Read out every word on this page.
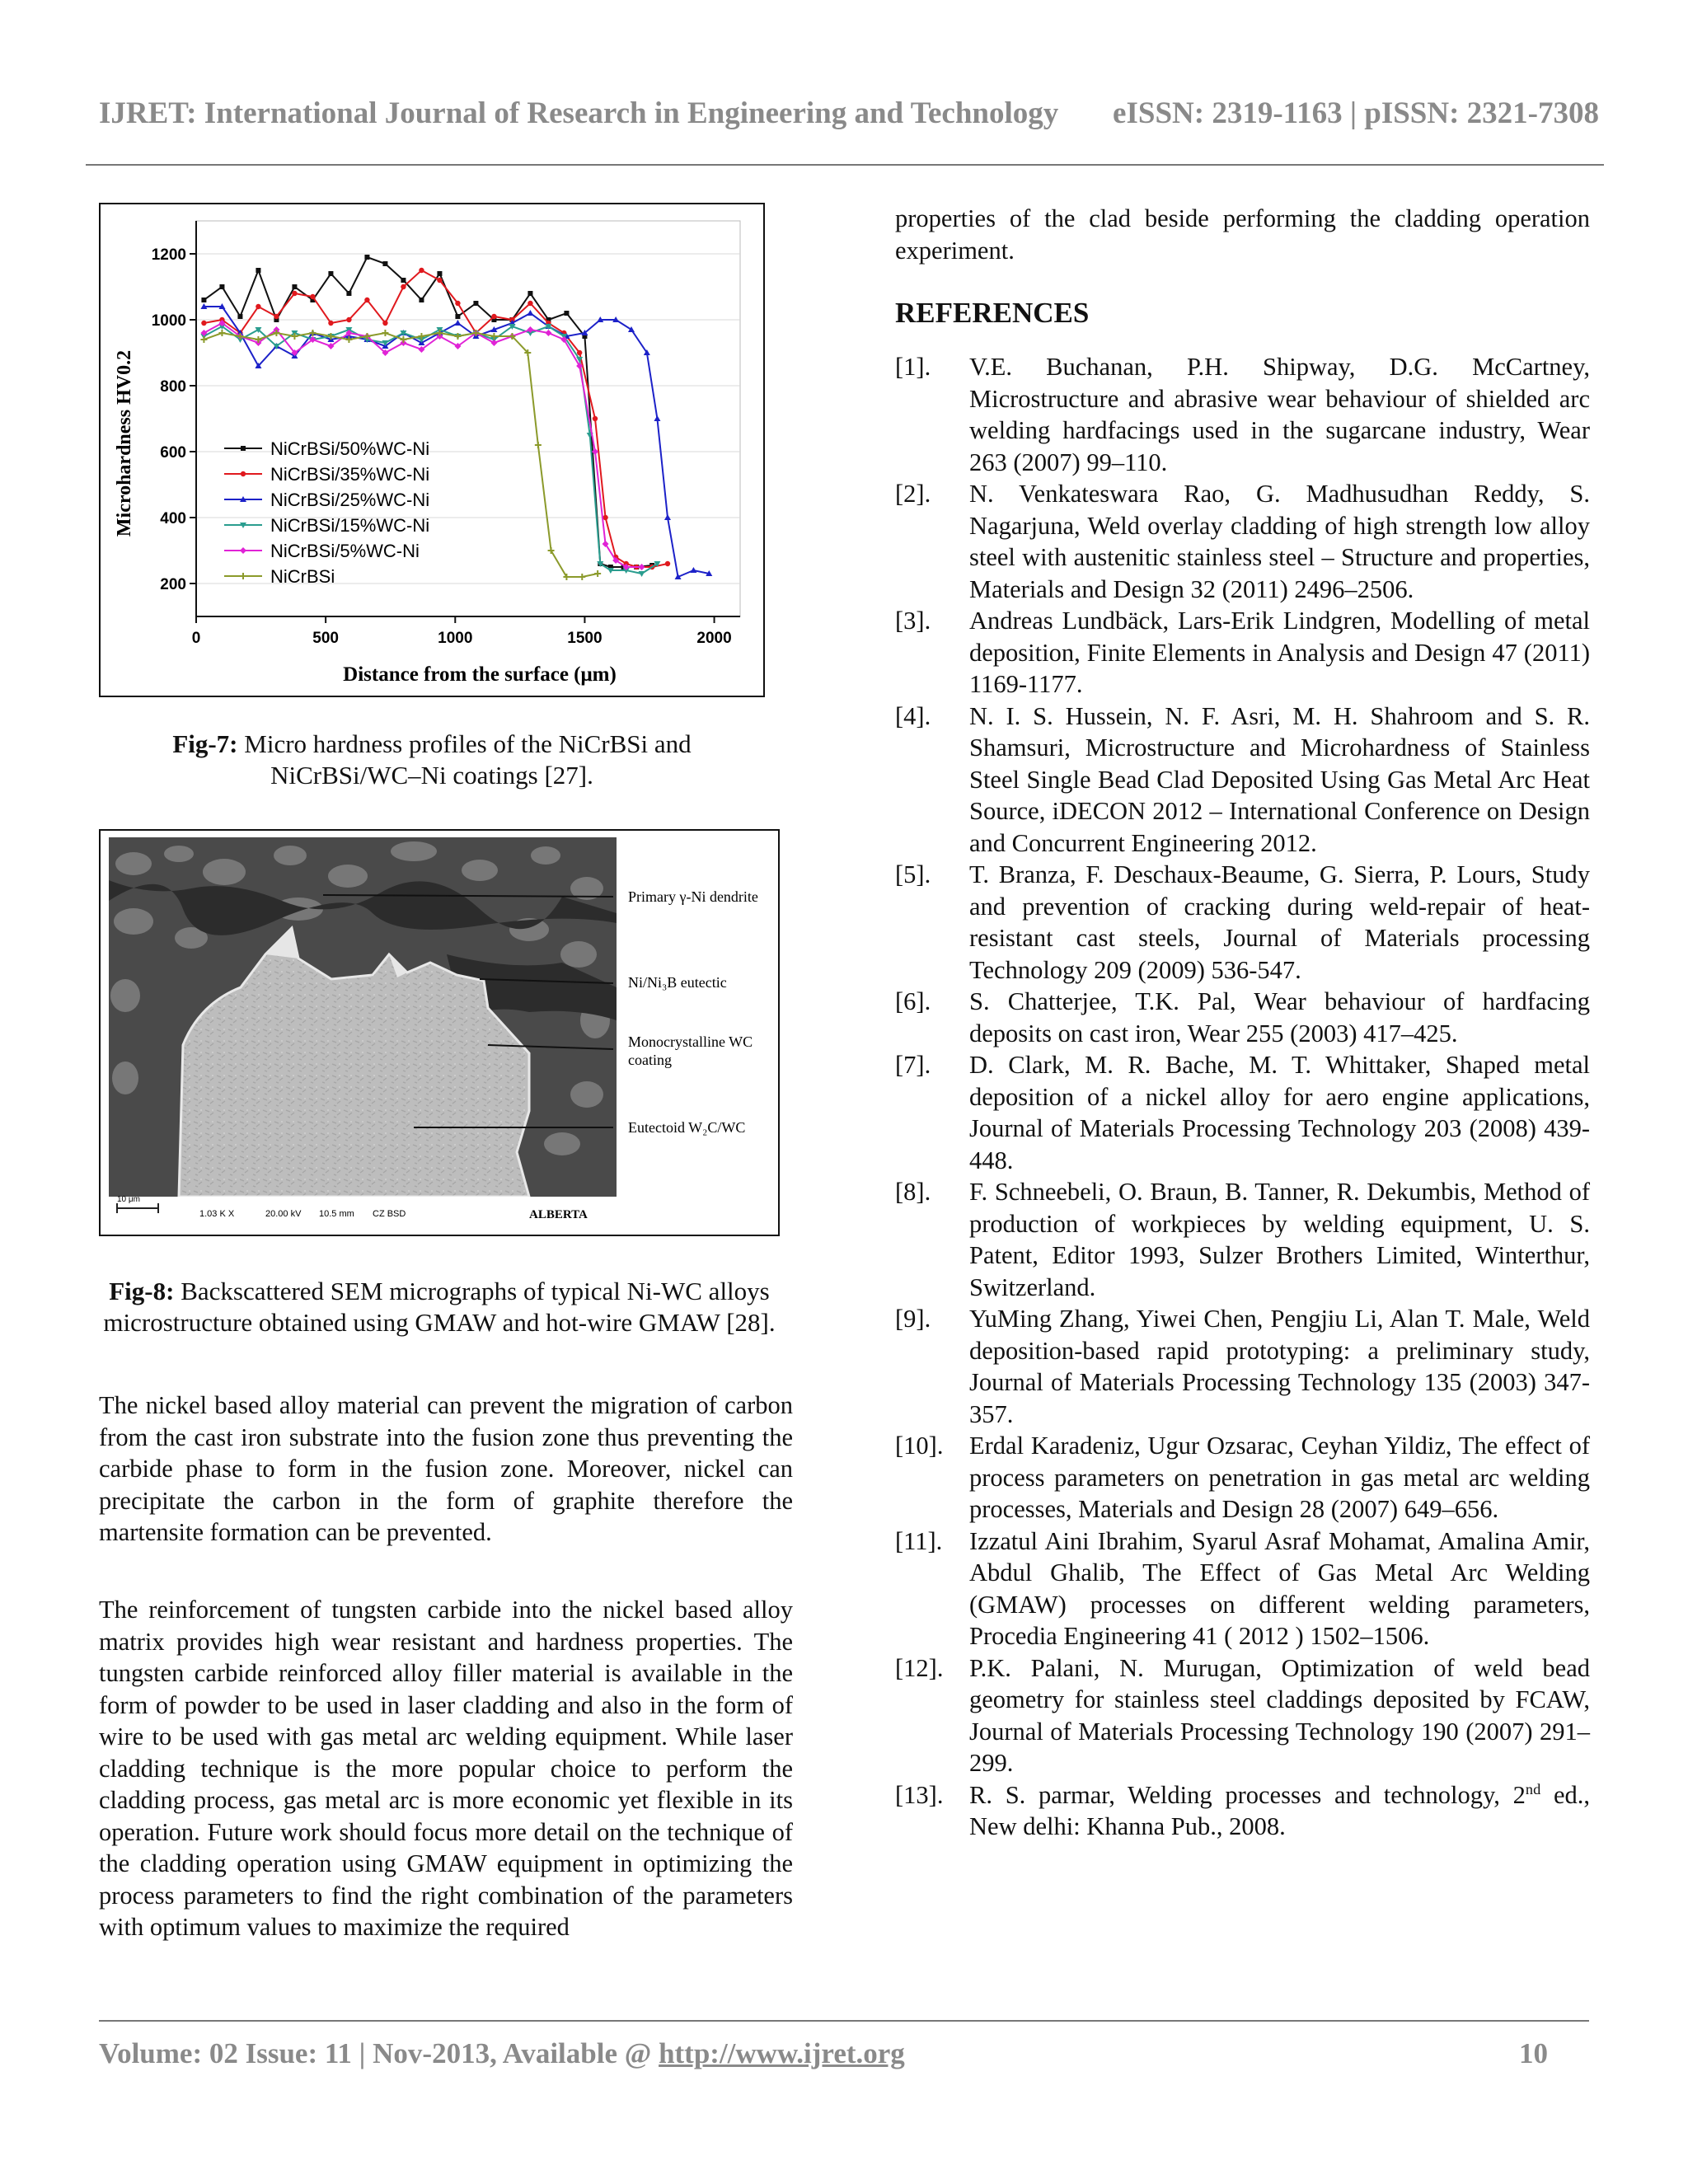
IJRET: International Journal of Research in Engineering and Technology eISSN: 2319-1163 | pISSN: 2321-7308
200
400
600
800
1000
1200
0	500	1000	1500	2000
NiCrBSi/50%WC-Ni
NiCrBSi/35%WC-Ni
NiCrBSi/25%WC-Ni
NiCrBSi/15%WC-Ni
NiCrBSi/5%WC-Ni
NiCrBSi
Distance from the surface (μm)
Microhardness HV0.2
Fig-7: Micro hardness profiles of the NiCrBSi and NiCrBSi/WC–Ni coatings [27].
10 μm
1.03 K X	20.00 kV 10.5 mm CZ BSD	ALBERTA
Primary γ-Ni dendrite
Ni/Ni₃B eutectic
Monocrystalline WC
coating
Eutectoid W₂C/WC
Fig-8: Backscattered SEM micrographs of typical Ni-WC alloys microstructure obtained using GMAW and hot-wire GMAW [28].

The nickel based alloy material can prevent the migration of carbon from the cast iron substrate into the fusion zone thus preventing the carbide phase to form in the fusion zone. Moreover, nickel can precipitate the carbon in the form of graphite therefore the martensite formation can be prevented.

The reinforcement of tungsten carbide into the nickel based alloy matrix provides high wear resistant and hardness properties. The tungsten carbide reinforced alloy filler material is available in the form of powder to be used in laser cladding and also in the form of wire to be used with gas metal arc welding equipment. While laser cladding technique is the more popular choice to perform the cladding process, gas metal arc is more economic yet flexible in its operation. Future work should focus more detail on the technique of the cladding operation using GMAW equipment in optimizing the process parameters to find the right combination of the parameters with optimum values to maximize the required

properties of the clad beside performing the cladding operation experiment.

REFERENCES
[1].	V.E. Buchanan, P.H. Shipway, D.G. McCartney, Microstructure and abrasive wear behaviour of shielded arc welding hardfacings used in the sugarcane industry, Wear 263 (2007) 99–110.
[2].	N. Venkateswara Rao, G. Madhusudhan Reddy, S. Nagarjuna, Weld overlay cladding of high strength low alloy steel with austenitic stainless steel – Structure and properties, Materials and Design 32 (2011) 2496–2506.
[3].	Andreas Lundbäck, Lars-Erik Lindgren, Modelling of metal deposition, Finite Elements in Analysis and Design 47 (2011) 1169-1177.
[4].	N. I. S. Hussein, N. F. Asri, M. H. Shahroom and S. R. Shamsuri, Microstructure and Microhardness of Stainless Steel Single Bead Clad Deposited Using Gas Metal Arc Heat Source, iDECON 2012 – International Conference on Design and Concurrent Engineering 2012.
[5].	T. Branza, F. Deschaux-Beaume, G. Sierra, P. Lours, Study and prevention of cracking during weld-repair of heat-resistant cast steels, Journal of Materials processing Technology 209 (2009) 536-547.
[6].	S. Chatterjee, T.K. Pal, Wear behaviour of hardfacing deposits on cast iron, Wear 255 (2003) 417–425.
[7].	D. Clark, M. R. Bache, M. T. Whittaker, Shaped metal deposition of a nickel alloy for aero engine applications, Journal of Materials Processing Technology 203 (2008) 439-448.
[8].	F. Schneebeli, O. Braun, B. Tanner, R. Dekumbis, Method of production of workpieces by welding equipment, U. S. Patent, Editor 1993, Sulzer Brothers Limited, Winterthur, Switzerland.
[9].	YuMing Zhang, Yiwei Chen, Pengjiu Li, Alan T. Male, Weld deposition-based rapid prototyping: a preliminary study, Journal of Materials Processing Technology 135 (2003) 347-357.
[10].	Erdal Karadeniz, Ugur Ozsarac, Ceyhan Yildiz, The effect of process parameters on penetration in gas metal arc welding processes, Materials and Design 28 (2007) 649–656.
[11].	Izzatul Aini Ibrahim, Syarul Asraf Mohamat, Amalina Amir, Abdul Ghalib, The Effect of Gas Metal Arc Welding (GMAW) processes on different welding parameters, Procedia Engineering 41 ( 2012 ) 1502–1506.
[12].	P.K. Palani, N. Murugan, Optimization of weld bead geometry for stainless steel claddings deposited by FCAW, Journal of Materials Processing Technology 190 (2007) 291–299.
[13].	R. S. parmar, Welding processes and technology, 2nd ed., New delhi: Khanna Pub., 2008.
Volume: 02 Issue: 11 | Nov-2013, Available @ http://www.ijret.org	10
